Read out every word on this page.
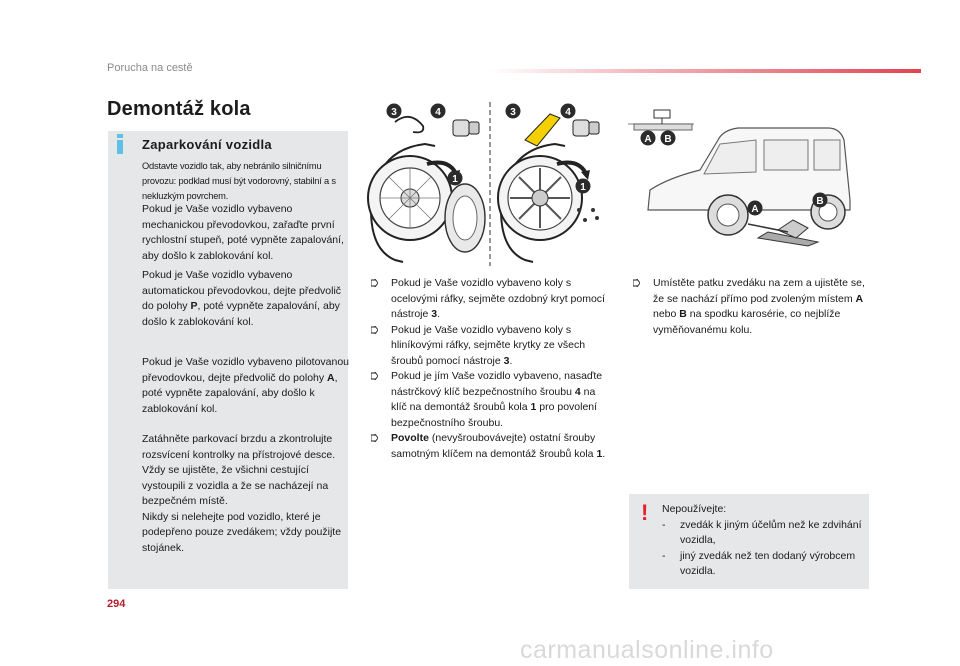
Porucha na cestě
Demontáž kola
Zaparkování vozidla
Odstavte vozidlo tak, aby nebránilo silničnímu provozu: podklad musí být vodorovný, stabilní a s nekluzkým povrchem.
Pokud je Vaše vozidlo vybaveno mechanickou převodovkou, zařaďte první rychlostní stupeň, poté vypněte zapalování, aby došlo k zablokování kol.
Pokud je Vaše vozidlo vybaveno automatickou převodovkou, dejte předvolič do polohy P, poté vypněte zapalování, aby došlo k zablokování kol.
Pokud je Vaše vozidlo vybaveno pilotovanou převodovkou, dejte předvolič do polohy A, poté vypněte zapalování, aby došlo k zablokování kol.
Zatáhněte parkovací brzdu a zkontrolujte rozsvícení kontrolky na přístrojové desce.
Vždy se ujistěte, že všichni cestující vystoupili z vozidla a že se nacházejí na bezpečném místě.
Nikdy si nelehejte pod vozidlo, které je podepřeno pouze zvedákem; vždy použijte stojánek.
3	4	3	4
1
1
A B
A
B
Pokud je Vaše vozidlo vybaveno koly s ocelovými ráfky, sejměte ozdobný kryt pomocí nástroje 3.
Pokud je Vaše vozidlo vybaveno koly s hliníkovými ráfky, sejměte krytky ze všech šroubů pomocí nástroje 3.
Pokud je jím Vaše vozidlo vybaveno, nasaďte nástrčkový klíč bezpečnostního šroubu 4 na klíč na demontáž šroubů kola 1 pro povolení bezpečnostního šroubu.
Povolte (nevyšroubovávejte) ostatní šrouby samotným klíčem na demontáž šroubů kola 1.
Umístěte patku zvedáku na zem a ujistěte se, že se nachází přímo pod zvoleným místem A nebo B na spodku karosérie, co nejblíže vyměňovanému kolu.
! Nepoužívejte:
- zvedák k jiným účelům než ke zdvihání vozidla,
- jiný zvedák než ten dodaný výrobcem vozidla.
294
carmanualsonline.info
